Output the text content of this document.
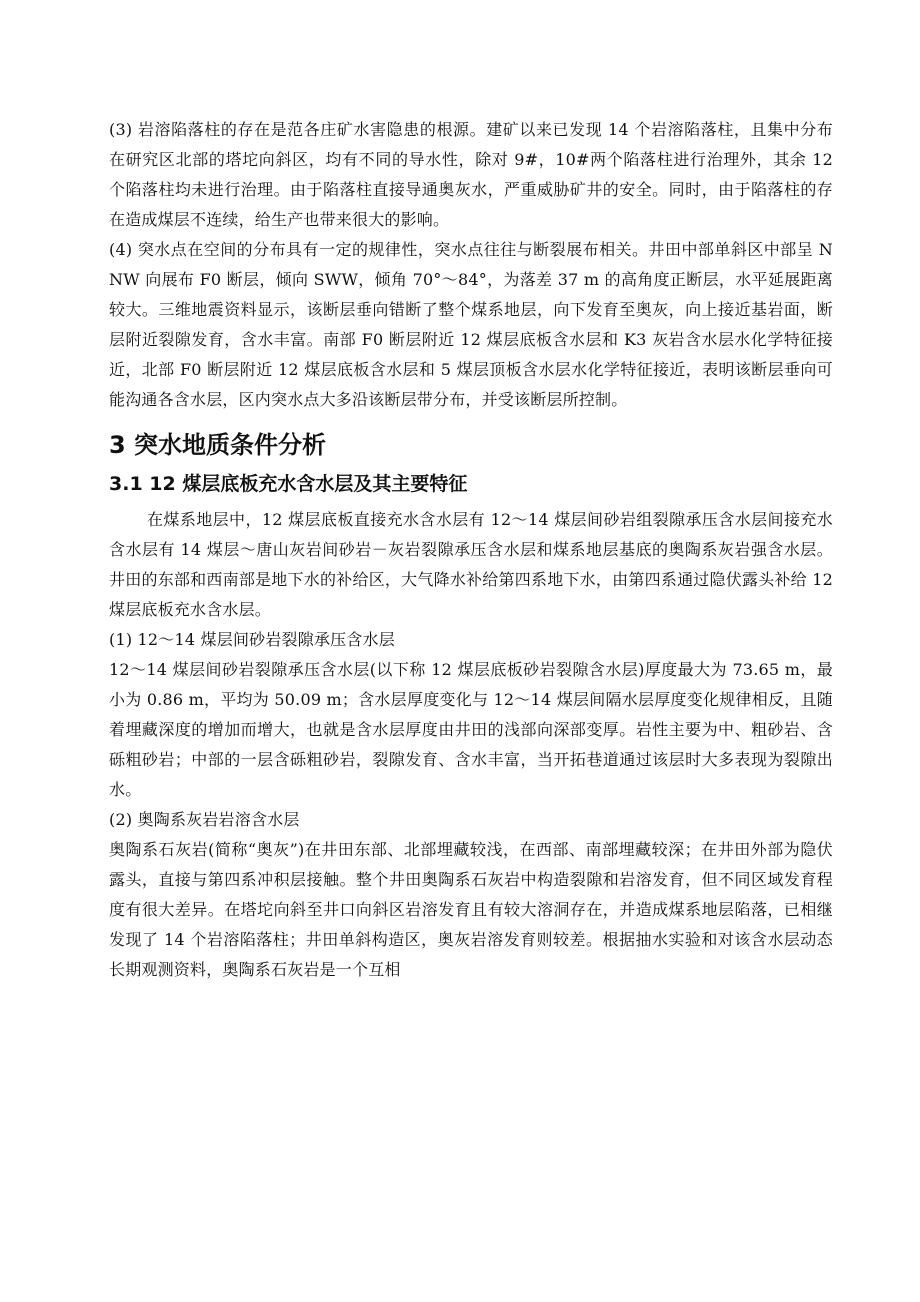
(3) 岩溶陷落柱的存在是范各庄矿水害隐患的根源。建矿以来已发现 14 个岩溶陷落柱，且集中分布在研究区北部的塔坨向斜区，均有不同的导水性，除对 9#，10#两个陷落柱进行治理外，其余 12 个陷落柱均未进行治理。由于陷落柱直接导通奥灰水，严重威胁矿井的安全。同时，由于陷落柱的存在造成煤层不连续，给生产也带来很大的影响。

(4) 突水点在空间的分布具有一定的规律性，突水点往往与断裂展布相关。井田中部单斜区中部呈 NNW 向展布 F0 断层，倾向 SWW，倾角 70°～84°，为落差 37 m 的高角度正断层，水平延展距离较大。三维地震资料显示，该断层垂向错断了整个煤系地层，向下发育至奥灰，向上接近基岩面，断层附近裂隙发育，含水丰富。南部 F0 断层附近 12 煤层底板含水层和 K3 灰岩含水层水化学特征接近，北部 F0 断层附近 12 煤层底板含水层和 5 煤层顶板含水层水化学特征接近，表明该断层垂向可能沟通各含水层，区内突水点大多沿该断层带分布，并受该断层所控制。

3 突水地质条件分析
3.1 12 煤层底板充水含水层及其主要特征

在煤系地层中，12 煤层底板直接充水含水层有 12～14 煤层间砂岩组裂隙承压含水层间接充水含水层有 14 煤层～唐山灰岩间砂岩－灰岩裂隙承压含水层和煤系地层基底的奥陶系灰岩强含水层。井田的东部和西南部是地下水的补给区，大气降水补给第四系地下水，由第四系通过隐伏露头补给 12 煤层底板充水含水层。

(1) 12～14 煤层间砂岩裂隙承压含水层

12～14 煤层间砂岩裂隙承压含水层(以下称 12 煤层底板砂岩裂隙含水层)厚度最大为 73.65 m，最小为 0.86 m，平均为 50.09 m；含水层厚度变化与 12～14 煤层间隔水层厚度变化规律相反，且随着埋藏深度的增加而增大，也就是含水层厚度由井田的浅部向深部变厚。岩性主要为中、粗砂岩、含砾粗砂岩；中部的一层含砾粗砂岩，裂隙发育、含水丰富，当开拓巷道通过该层时大多表现为裂隙出水。

(2) 奥陶系灰岩岩溶含水层

奥陶系石灰岩(简称“奥灰”)在井田东部、北部埋藏较浅，在西部、南部埋藏较深；在井田外部为隐伏露头，直接与第四系冲积层接触。整个井田奥陶系石灰岩中构造裂隙和岩溶发育，但不同区域发育程度有很大差异。在塔坨向斜至井口向斜区岩溶发育且有较大溶洞存在，并造成煤系地层陷落，已相继发现了 14 个岩溶陷落柱；井田单斜构造区，奥灰岩溶发育则较差。根据抽水实验和对该含水层动态长期观测资料，奥陶系石灰岩是一个互相
